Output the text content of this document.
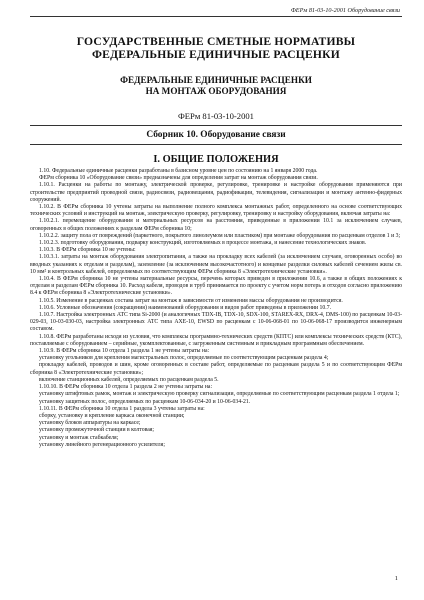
ФЕРм 81-03-10-2001 Оборудование связи
ГОСУДАРСТВЕННЫЕ СМЕТНЫЕ НОРМАТИВЫ
ФЕДЕРАЛЬНЫЕ ЕДИНИЧНЫЕ РАСЦЕНКИ
ФЕДЕРАЛЬНЫЕ ЕДИНИЧНЫЕ РАСЦЕНКИ
НА МОНТАЖ ОБОРУДОВАНИЯ
ФЕРм 81-03-10-2001
Сборник 10. Оборудование связи
I. ОБЩИЕ ПОЛОЖЕНИЯ

1.10. Федеральные единичные расценки разработаны в базисном уровне цен по состоянию на 1 января 2000 года.

ФЕРм сборника 10 «Оборудование связи» предназначены для определения затрат на монтаж оборудования связи.

1.10.1. Расценки на работы по монтажу, электрической проверке, регулировке, тренировке и настройке оборудования применяются при строительстве предприятий проводной связи, радиосвязи, радиовещания, радиофикации, телевидения, сигнализации и монтажу антенно-фидерных сооружений.

1.10.2. В ФЕРм сборника 10 учтены затраты на выполнение полного комплекса монтажных работ, определенного на основе соответствующих технических условий и инструкций на монтаж, электрическую проверку, регулировку, тренировку и настройку оборудования, включая затраты на:

1.10.2.1. перемещение оборудования и материальных ресурсов на расстояния, приведенные в приложении 10.1 за исключением случаев, оговоренных в общих положениях к разделам ФЕРм сборника 10;

1.10.2.2. защиту пола от повреждений (паркетного, покрытого линолеумом или пластиком) при монтаже оборудования по расценкам отделов 1 и 3;

1.10.2.3. подготовку оборудования, подварку конструкций, изготовляемых в процессе монтажа, и нанесение технологических знаков.

1.10.3. В ФЕРм сборника 10 не учтены:

1.10.3.1. затраты на монтаж оборудования электропитания, а также на прокладку всех кабелей (за исключением случаев, оговоренных особо) во вводных указаниях к отделам и разделам), заземление (за исключением высокочастотного) и концевые разделки силовых кабелей сечением жилы св. 10 мм² и контрольных кабелей, определяемых по соответствующим ФЕРм сборника 8 «Электротехнические установки».

1.10.4. В ФЕРм сборника 10 не учтены материальные ресурсы, перечень которых приведен в приложении 10.6, а также в общих положениях к отделам и разделам ФЕРм сборника 10. Расход кабеля, проводов и труб принимается по проекту с учетом норм потерь и отходов согласно приложению 8.4 к ФЕРм сборника 8 «Электротехнические установки».

1.10.5. Изменение в расценках состава затрат на монтаж в зависимости от изменения массы оборудования не производится.

1.10.6. Условные обозначения (сокращения) наименований оборудования и видов работ приведены в приложении 10.7.

1.10.7. Настройка электронных АТС типа Si-2000 (и аналогичных TDX-IB, TDX-10, SDX-100, STAREX-RX, DRX-4, DMS-100) по расценкам 10-03-029-03, 10-03-030-03, настройка электронных АТС типа AXE-10, EWSD по расценкам с 10-06-068-01 по 10-06-068-17 производится инженерным составом.

1.10.8. ФЕРм разработаны исходя из условия, что комплексы программно-технических средств (КПТС) или комплексы технических средств (КТС), поставляемые с оборудованием – серийные, укомплектованные, с загруженным системным и прикладным программным обеспечением.

1.10.9. В ФЕРм сборника 10 отдела 1 раздела 1 не учтены затраты на:

установку угольников для крепления магистральных полос, определяемые по соответствующим расценкам раздела 4;

прокладку кабелей, проводов и шин, кроме оговоренных в составе работ, определяемые по расценкам раздела 5 и по соответствующим ФЕРм сборника 8 «Электротехнические установки»;

включение станционных кабелей, определяемых по расценкам раздела 5.

1.10.10. В ФЕРм сборника 10 отдела 1 раздела 2 не учтены затраты на:

установку штифтовых рамок, монтаж и электрическую проверку сигнализации, определяемые по соответствующим расценкам раздела 1 отдела 1;

установку защитных полос, определяемых по расценкам 10-06-034-20 и 10-06-034-21.

1.10.11. В ФЕРм сборника 10 отдела 1 раздела 3 учтены затраты на:

сборку, установку и крепление каркаса оконечной станции;

установку блоков аппаратуры на каркасе;

установку промежуточной станции в колтовая;

установку и монтаж стабкабеля;

установку линейного регенерационного усилителя;

1
